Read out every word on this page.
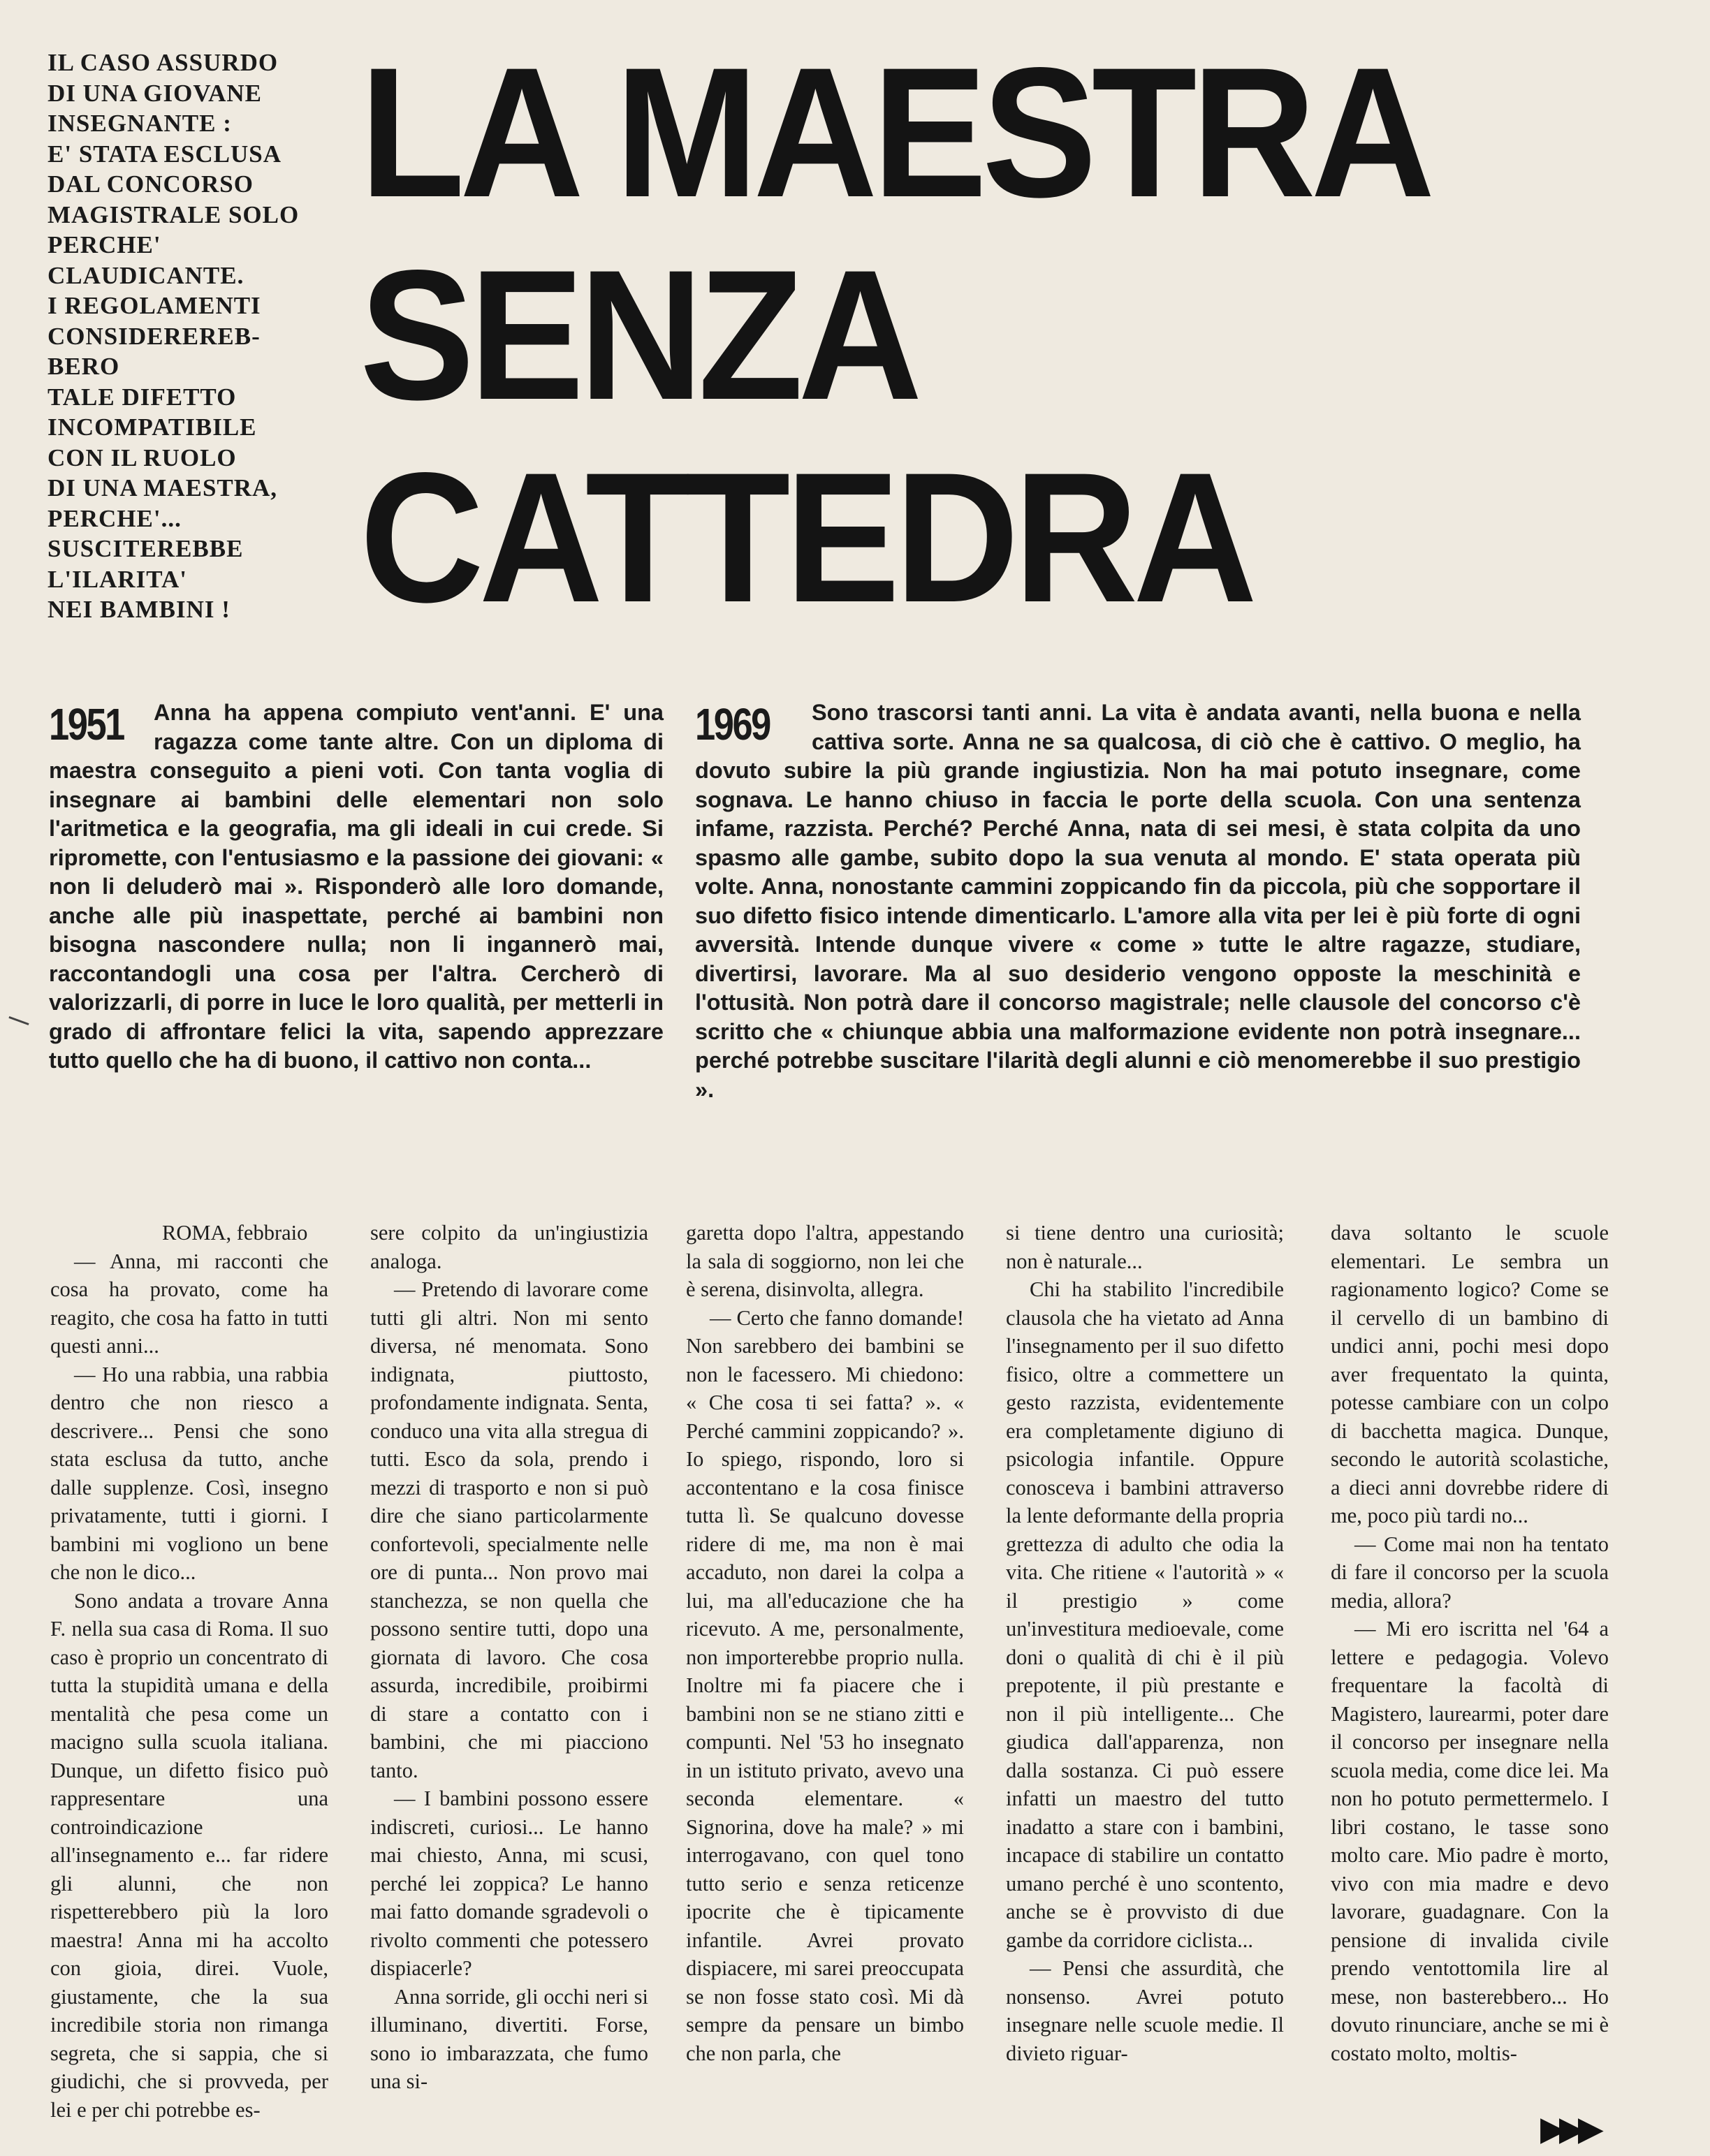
IL CASO ASSURDO
DI UNA GIOVANE
INSEGNANTE :
E' STATA ESCLUSA
DAL CONCORSO
MAGISTRALE SOLO
PERCHE'
CLAUDICANTE.
I REGOLAMENTI
CONSIDEREREB-
BERO
TALE DIFETTO
INCOMPATIBILE
CON IL RUOLO
DI UNA MAESTRA,
PERCHE'...
SUSCITEREBBE
L'ILARITA'
NEI BAMBINI !
LA MAESTRA
SENZA
CATTEDRA
1951 Anna ha appena compiuto vent'anni. E' una ragazza come tante altre. Con un diploma di maestra conseguito a pieni voti. Con tanta voglia di insegnare ai bambini delle elementari non solo l'aritmetica e la geografia, ma gli ideali in cui crede. Si ripromette, con l'entusiasmo e la passione dei giovani: « non li deluderò mai ». Risponderò alle loro domande, anche alle più inaspettate, perché ai bambini non bisogna nascondere nulla; non li ingannerò mai, raccontandogli una cosa per l'altra. Cercherò di valorizzarli, di porre in luce le loro qualità, per metterli in grado di affrontare felici la vita, sapendo apprezzare tutto quello che ha di buono, il cattivo non conta...
1969	Sono trascorsi tanti anni. La vita è andata avanti, nella buona e nella cattiva sorte. Anna ne sa qualcosa, di ciò che è cattivo. O meglio, ha dovuto subire la più grande ingiustizia. Non ha mai potuto insegnare, come sognava. Le hanno chiuso in faccia le porte della scuola. Con una sentenza infame, razzista. Perché? Perché Anna, nata di sei mesi, è stata colpita da uno spasmo alle gambe, subito dopo la sua venuta al mondo. E' stata operata più volte. Anna, nonostante cammini zoppicando fin da piccola, più che sopportare il suo difetto fisico intende dimenticarlo. L'amore alla vita per lei è più forte di ogni avversità. Intende dunque vivere « come » tutte le altre ragazze, studiare, divertirsi, lavorare. Ma al suo desiderio vengono opposte la meschinità e l'ottusità. Non potrà dare il concorso magistrale; nelle clausole del concorso c'è scritto che « chiunque abbia una malformazione evidente non potrà insegnare... perché potrebbe suscitare l'ilarità degli alunni e ciò menomerebbe il suo prestigio ».

ROMA, febbraio

— Anna, mi racconti che cosa ha provato, come ha reagito, che cosa ha fatto in tutti questi anni...

— Ho una rabbia, una rabbia dentro che non riesco a descrivere... Pensi che sono stata esclusa da tutto, anche dalle supplenze. Così, insegno privatamente, tutti i giorni. I bambini mi vogliono un bene che non le dico...

Sono andata a trovare Anna F. nella sua casa di Roma. Il suo caso è proprio un concentrato di tutta la stupidità umana e della mentalità che pesa come un macigno sulla scuola italiana. Dunque, un difetto fisico può rappresentare una controindicazione all'insegnamento e... far ridere gli alunni, che non rispetterebbero più la loro maestra! Anna mi ha accolto con gioia, direi. Vuole, giustamente, che la sua incredibile storia non rimanga segreta, che si sappia, che si giudichi, che si provveda, per lei e per chi potrebbe es-

sere colpito da un'ingiustizia analoga.

— Pretendo di lavorare come tutti gli altri. Non mi sento diversa, né menomata. Sono indignata, piuttosto, profondamente indignata. Senta, conduco una vita alla stregua di tutti. Esco da sola, prendo i mezzi di trasporto e non si può dire che siano particolarmente confortevoli, specialmente nelle ore di punta... Non provo mai stanchezza, se non quella che possono sentire tutti, dopo una giornata di lavoro. Che cosa assurda, incredibile, proibirmi di stare a contatto con i bambini, che mi piacciono tanto.

— I bambini possono essere indiscreti, curiosi... Le hanno mai chiesto, Anna, mi scusi, perché lei zoppica? Le hanno mai fatto domande sgradevoli o rivolto commenti che potessero dispiacerle?

Anna sorride, gli occhi neri si illuminano, divertiti. Forse, sono io imbarazzata, che fumo una si-

garetta dopo l'altra, appestando la sala di soggiorno, non lei che è serena, disinvolta, allegra.

— Certo che fanno domande! Non sarebbero dei bambini se non le facessero. Mi chiedono: « Che cosa ti sei fatta? ». « Perché cammini zoppicando? ». Io spiego, rispondo, loro si accontentano e la cosa finisce tutta lì. Se qualcuno dovesse ridere di me, ma non è mai accaduto, non darei la colpa a lui, ma all'educazione che ha ricevuto. A me, personalmente, non importerebbe proprio nulla. Inoltre mi fa piacere che i bambini non se ne stiano zitti e compunti. Nel '53 ho insegnato in un istituto privato, avevo una seconda elementare. « Signorina, dove ha male? » mi interrogavano, con quel tono tutto serio e senza reticenze ipocrite che è tipicamente infantile. Avrei provato dispiacere, mi sarei preoccupata se non fosse stato così. Mi dà sempre da pensare un bimbo che non parla, che

si tiene dentro una curiosità; non è naturale...

Chi ha stabilito l'incredibile clausola che ha vietato ad Anna l'insegnamento per il suo difetto fisico, oltre a commettere un gesto razzista, evidentemente era completamente digiuno di psicologia infantile. Oppure conosceva i bambini attraverso la lente deformante della propria grettezza di adulto che odia la vita. Che ritiene « l'autorità » « il prestigio » come un'investitura medioevale, come doni o qualità di chi è il più prepotente, il più prestante e non il più intelligente... Che giudica dall'apparenza, non dalla sostanza. Ci può essere infatti un maestro del tutto inadatto a stare con i bambini, incapace di stabilire un contatto umano perché è uno scontento, anche se è provvisto di due gambe da corridore ciclista...

— Pensi che assurdità, che nonsenso. Avrei potuto insegnare nelle scuole medie. Il divieto riguar-

dava soltanto le scuole elementari. Le sembra un ragionamento logico? Come se il cervello di un bambino di undici anni, pochi mesi dopo aver frequentato la quinta, potesse cambiare con un colpo di bacchetta magica. Dunque, secondo le autorità scolastiche, a dieci anni dovrebbe ridere di me, poco più tardi no...

— Come mai non ha tentato di fare il concorso per la scuola media, allora?

— Mi ero iscritta nel '64 a lettere e pedagogia. Volevo frequentare la facoltà di Magistero, laurearmi, poter dare il concorso per insegnare nella scuola media, come dice lei. Ma non ho potuto permettermelo. I libri costano, le tasse sono molto care. Mio padre è morto, vivo con mia madre e devo lavorare, guadagnare. Con la pensione di invalida civile prendo ventottomila lire al mese, non basterebbero... Ho dovuto rinunciare, anche se mi è costato molto, moltis-

▶▶▶
